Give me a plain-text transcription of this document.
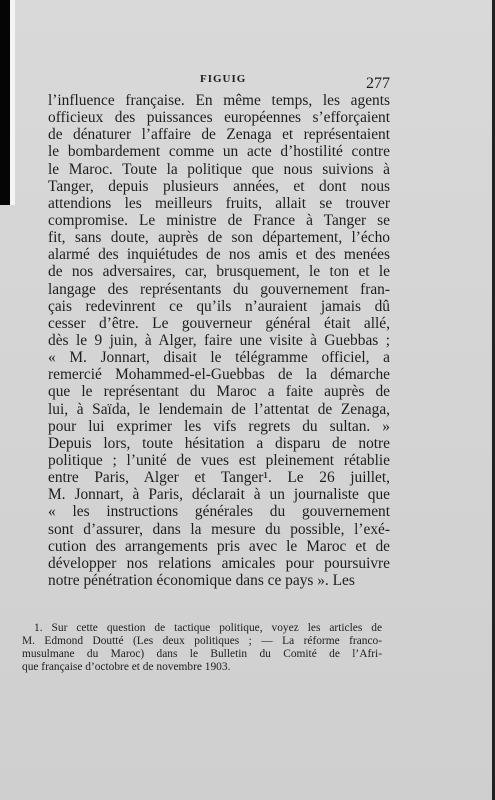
FIGUIG	277
l’influence française. En même temps, les agents
officieux des puissances européennes s’efforçaient
de dénaturer l’affaire de Zenaga et représentaient
le bombardement comme un acte d’hostilité contre
le Maroc. Toute la politique que nous suivions à
Tanger, depuis plusieurs années, et dont nous
attendions les meilleurs fruits, allait se trouver
compromise. Le ministre de France à Tanger se
fit, sans doute, auprès de son département, l’écho
alarmé des inquiétudes de nos amis et des menées
de nos adversaires, car, brusquement, le ton et le
langage des représentants du gouvernement fran-
çais redevinrent ce qu’ils n’auraient jamais dû
cesser d’être. Le gouverneur général était allé,
dès le 9 juin, à Alger, faire une visite à Guebbas ;
« M. Jonnart, disait le télégramme officiel, a
remercié Mohammed-el-Guebbas de la démarche
que le représentant du Maroc a faite auprès de
lui, à Saïda, le lendemain de l’attentat de Zenaga,
pour lui exprimer les vifs regrets du sultan. »
Depuis lors, toute hésitation a disparu de notre
politique ; l’unité de vues est pleinement rétablie
entre Paris, Alger et Tanger¹. Le 26 juillet,
M. Jonnart, à Paris, déclarait à un journaliste que
« les instructions générales du gouvernement
sont d’assurer, dans la mesure du possible, l’exé-
cution des arrangements pris avec le Maroc et de
développer nos relations amicales pour poursuivre
notre pénétration économique dans ce pays ». Les
1. Sur cette question de tactique politique, voyez les articles de
M. Edmond Doutté (Les deux politiques ; — La réforme franco-
musulmane du Maroc) dans le Bulletin du Comité de l’Afri-
que française d’octobre et de novembre 1903.
